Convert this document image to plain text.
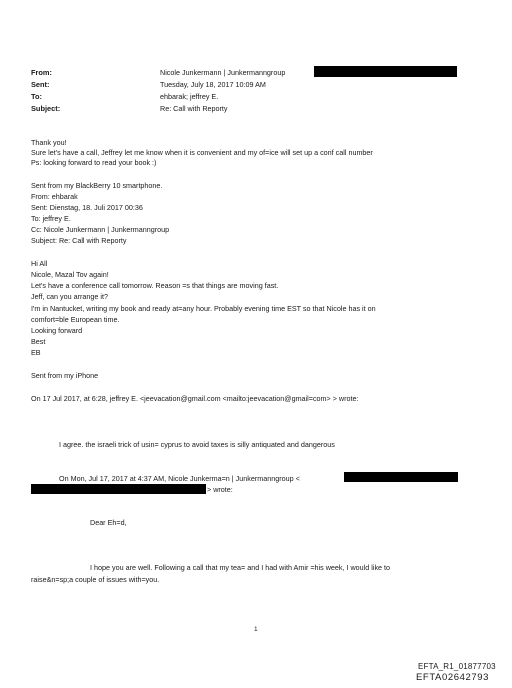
From:	Nicole Junkermann | Junkermanngroup
Sent:	Tuesday, July 18, 2017 10:09 AM
To:	ehbarak; jeffrey E.
Subject:	Re: Call with Reporty
Thank you!
Sure let's have a call, Jeffrey let me know when it is convenient and my of=ice will set up a conf call number
Ps: looking forward to read your book :)
Sent from my BlackBerry 10 smartphone.
From: ehbarak
Sent: Dienstag, 18. Juli 2017 00:36
To: jeffrey E.
Cc: Nicole Junkermann | Junkermanngroup
Subject: Re: Call with Reporty
Hi All
Nicole, Mazal Tov again!
Let's have a conference call tomorrow. Reason =s that things are moving fast.
Jeff, can you arrange it?
I'm in Nantucket, writing my book and ready at=any hour. Probably evening time EST so that Nicole has it on
comfort=ble European time.
Looking forward
Best
EB
Sent from my iPhone
On 17 Jul 2017, at 6:28, jeffrey E. <jeevacation@gmail.com <mailto:jeevacation@gmail=com> > wrote:
I agree. the israeli trick of usin= cyprus to avoid taxes is silly antiquated and dangerous
On Mon, Jul 17, 2017 at 4:37 AM, Nicole Junkerma=n | Junkermanngroup <
> wrote:
Dear Eh=d,
I hope you are well. Following a call that my tea= and I had with Amir =his week, I would like to
raise&n=sp;a couple of issues with=you.
1
EFTA_R1_01877703
EFTA02642793
